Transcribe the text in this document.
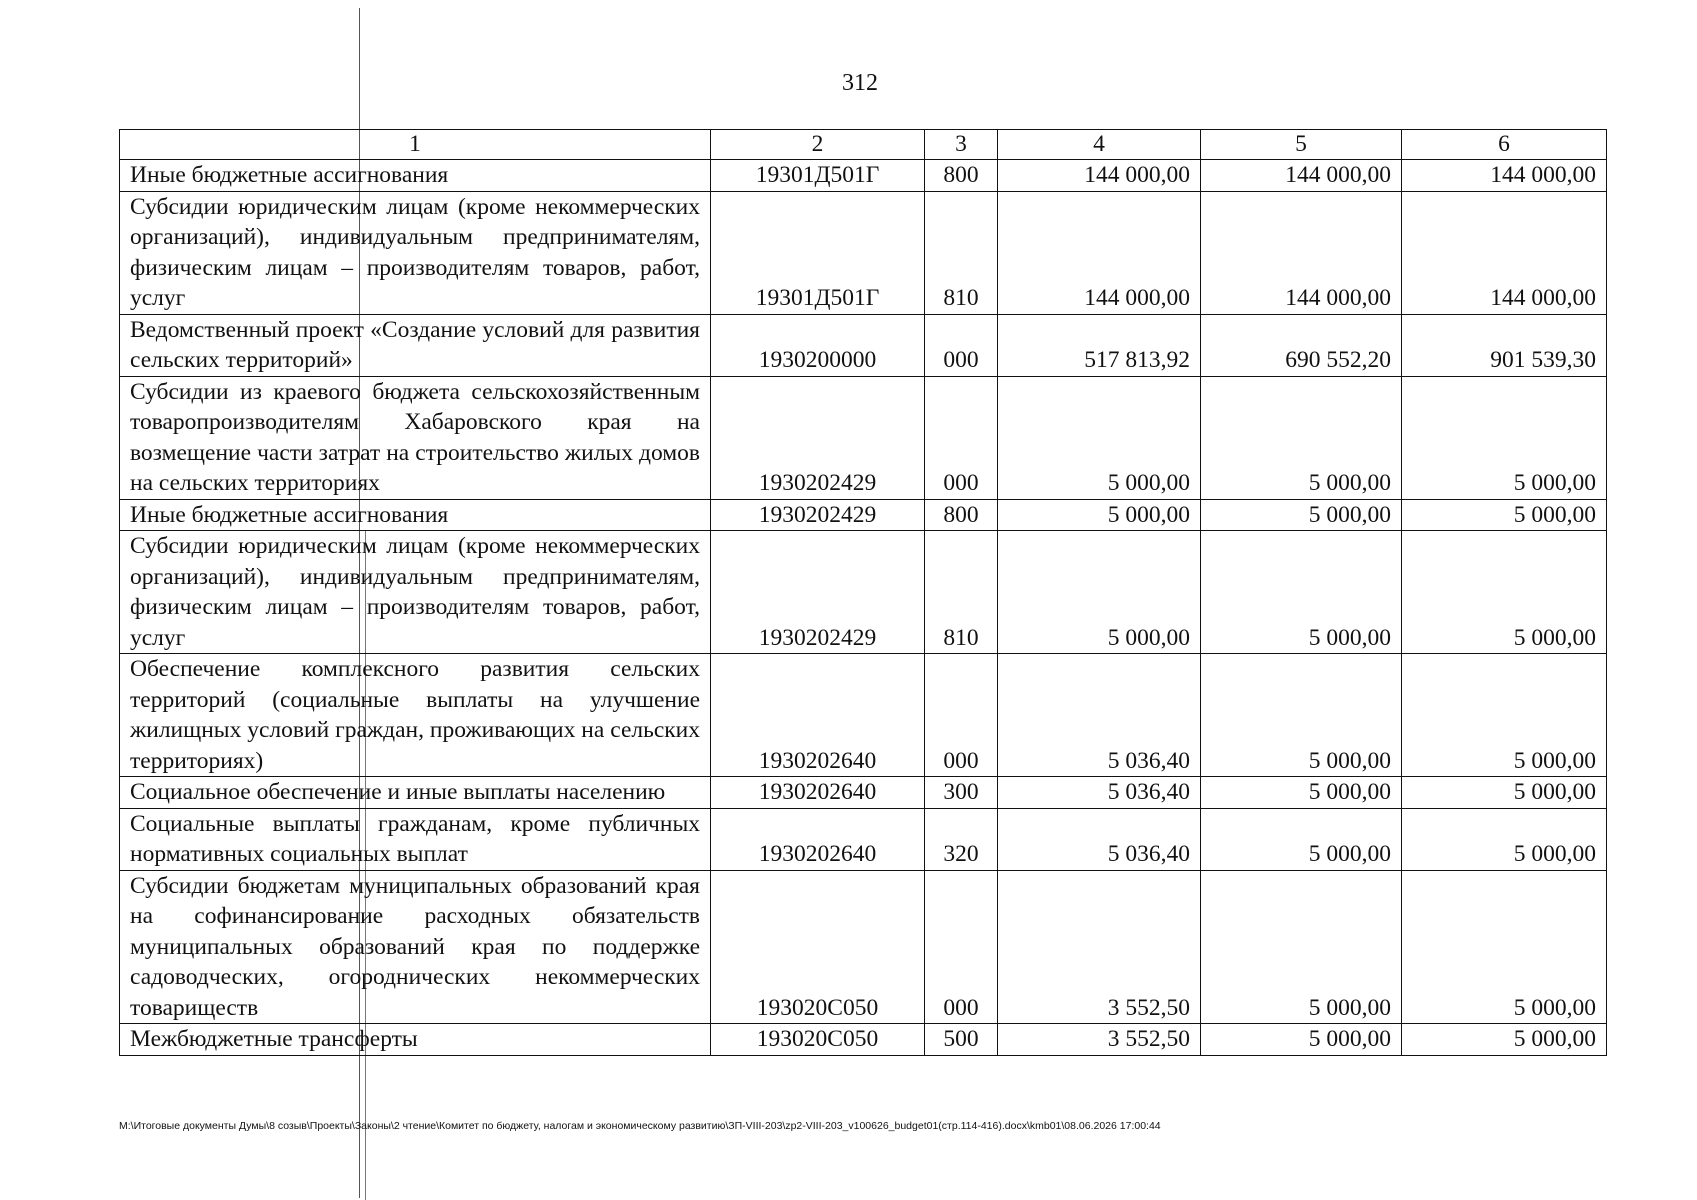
312
1	2	3	4	5	6
Иные бюджетные ассигнования	19301Д501Г	800	144 000,00	144 000,00	144 000,00
Субсидии юридическим лицам (кроме некоммерческих организаций), индивидуальным предпринимателям, физическим лицам – производителям товаров, работ, услуг	19301Д501Г	810	144 000,00	144 000,00	144 000,00
Ведомственный проект «Создание условий для развития сельских территорий»	1930200000	000	517 813,92	690 552,20	901 539,30
Субсидии из краевого бюджета сельскохозяйственным товаропроизводителям Хабаровского края на возмещение части затрат на строительство жилых домов на сельских территориях	1930202429	000	5 000,00	5 000,00	5 000,00
Иные бюджетные ассигнования	1930202429	800	5 000,00	5 000,00	5 000,00
Субсидии юридическим лицам (кроме некоммерческих организаций), индивидуальным предпринимателям, физическим лицам – производителям товаров, работ, услуг	1930202429	810	5 000,00	5 000,00	5 000,00
Обеспечение комплексного развития сельских территорий (социальные выплаты на улучшение жилищных условий граждан, проживающих на сельских территориях)	1930202640	000	5 036,40	5 000,00	5 000,00
Социальное обеспечение и иные выплаты населению	1930202640	300	5 036,40	5 000,00	5 000,00
Социальные выплаты гражданам, кроме публичных нормативных социальных выплат	1930202640	320	5 036,40	5 000,00	5 000,00
Субсидии бюджетам муниципальных образований края на софинансирование расходных обязательств муниципальных образований края по поддержке садоводческих, огороднических некоммерческих товариществ	193020С050	000	3 552,50	5 000,00	5 000,00
Межбюджетные трансферты	193020С050	500	3 552,50	5 000,00	5 000,00
М:\Итоговые документы Думы\8 созыв\Проекты\Законы\2 чтение\Комитет по бюджету, налогам и экономическому развитию\ЗП-VIII-203\zp2-VIII-203_v100626_budget01(стр.114-416).docx\kmb01\08.06.2026 17:00:44
